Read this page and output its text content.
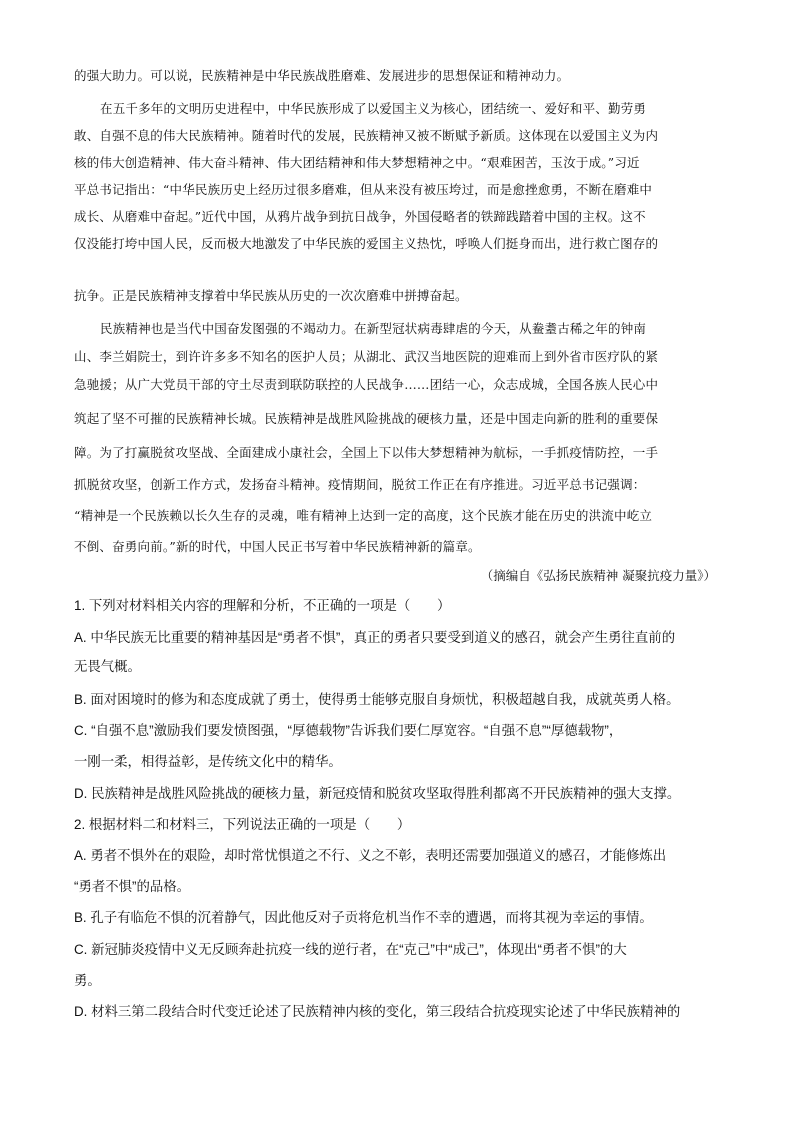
的强大助力。可以说，民族精神是中华民族战胜磨难、发展进步的思想保证和精神动力。
在五千多年的文明历史进程中，中华民族形成了以爱国主义为核心，团结统一、爱好和平、勤劳勇
敢、自强不息的伟大民族精神。随着时代的发展，民族精神又被不断赋予新质。这体现在以爱国主义为内
核的伟大创造精神、伟大奋斗精神、伟大团结精神和伟大梦想精神之中。“艰难困苦，玉汝于成。”习近
平总书记指出：“中华民族历史上经历过很多磨难，但从来没有被压垮过，而是愈挫愈勇，不断在磨难中
成长、从磨难中奋起。”近代中国，从鸦片战争到抗日战争，外国侵略者的铁蹄践踏着中国的主权。这不
仅没能打垮中国人民，反而极大地激发了中华民族的爱国主义热忱，呼唤人们挺身而出，进行救亡图存的
抗争。正是民族精神支撑着中华民族从历史的一次次磨难中拼搏奋起。
民族精神也是当代中国奋发图强的不竭动力。在新型冠状病毒肆虐的今天，从鲞耋古稀之年的钟南
山、李兰娟院士，到许许多多不知名的医护人员；从湖北、武汉当地医院的迎难而上到外省市医疗队的紧
急驰援；从广大党员干部的守土尽责到联防联控的人民战争……团结一心，众志成城，全国各族人民心中
筑起了坚不可摧的民族精神长城。民族精神是战胜风险挑战的硬核力量，还是中国走向新的胜利的重要保
障。为了打赢脱贫攻坚战、全面建成小康社会，全国上下以伟大梦想精神为航标，一手抓疫情防控，一手
抓脱贫攻坚，创新工作方式，发扬奋斗精神。疫情期间，脱贫工作正在有序推进。习近平总书记强调：
“精神是一个民族赖以长久生存的灵魂，唯有精神上达到一定的高度，这个民族才能在历史的洪流中屹立
不倒、奋勇向前。”新的时代，中国人民正书写着中华民族精神新的篇章。
（摘编自《弘扬民族精神 凝聚抗疫力量》）
1. 下列对材料相关内容的理解和分析，不正确的一项是（　　）
A. 中华民族无比重要的精神基因是“勇者不惧”，真正的勇者只要受到道义的感召，就会产生勇往直前的
无畏气概。
B. 面对困境时的修为和态度成就了勇士，使得勇士能够克服自身烦忧，积极超越自我，成就英勇人格。
C. “自强不息”激励我们要发愤图强，“厚德载物”告诉我们要仁厚宽容。“自强不息”“厚德载物”，
一刚一柔，相得益彰，是传统文化中的精华。
D. 民族精神是战胜风险挑战的硬核力量，新冠疫情和脱贫攻坚取得胜利都离不开民族精神的强大支撑。
2. 根据材料二和材料三，下列说法正确的一项是（　　）
A. 勇者不惧外在的艰险，却时常忧惧道之不行、义之不彰，表明还需要加强道义的感召，才能修炼出
“勇者不惧”的品格。
B. 孔子有临危不惧的沉着静气，因此他反对子贡将危机当作不幸的遭遇，而将其视为幸运的事情。
C. 新冠肺炎疫情中义无反顾奔赴抗疫一线的逆行者，在“克己”中“成己”，体现出“勇者不惧”的大
勇。
D. 材料三第二段结合时代变迁论述了民族精神内核的变化，第三段结合抗疫现实论述了中华民族精神的
